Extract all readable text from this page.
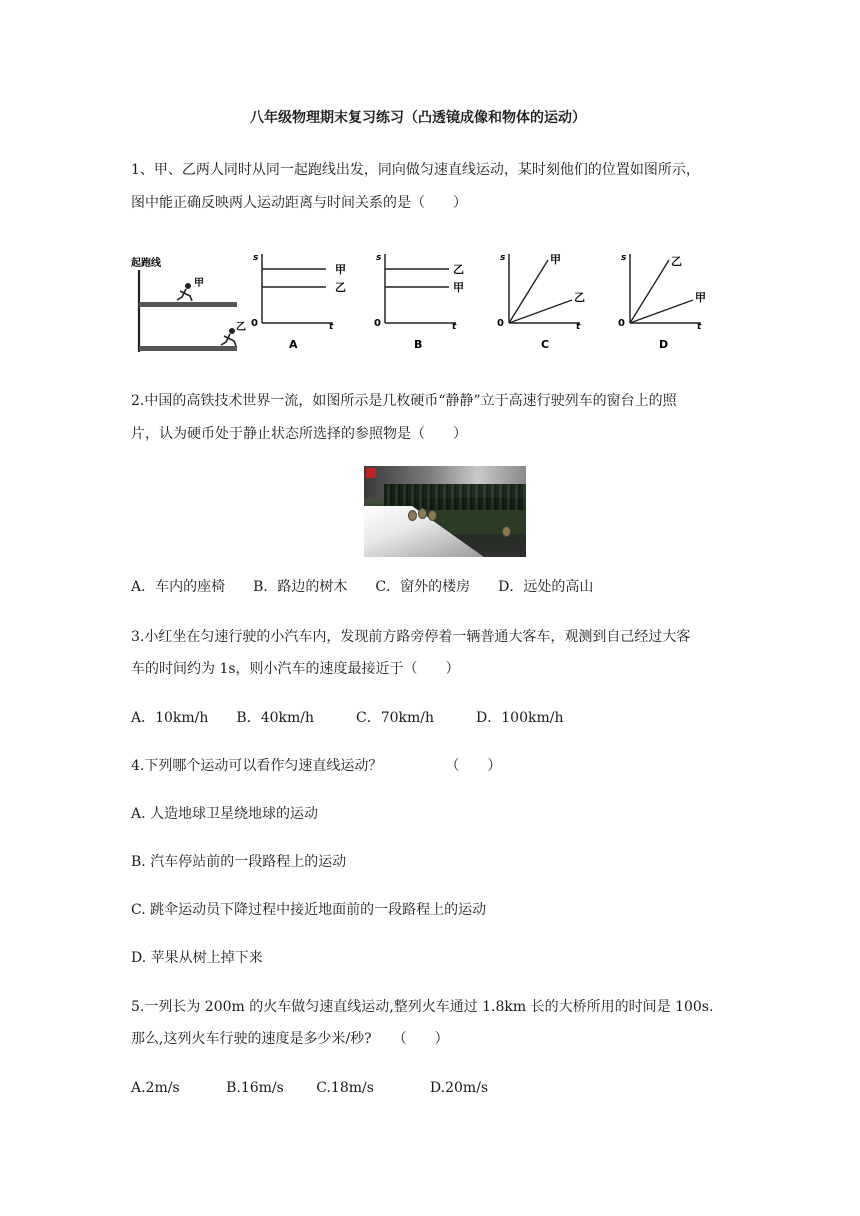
八年级物理期末复习练习（凸透镜成像和物体的运动）
1、甲、乙两人同时从同一起跑线出发，同向做匀速直线运动，某时刻他们的位置如图所示，
图中能正确反映两人运动距离与时间关系的是（　　）
起跑线
甲
乙
s
0	t
甲
乙
A
s
0	t
乙
甲
B
s
0	t
甲
乙
C
s
0	t
乙
甲
D
2.中国的高铁技术世界一流，如图所示是几枚硬币“静静”立于高速行驶列车的窗台上的照
片，认为硬币处于静止状态所选择的参照物是（　　）
A．车内的座椅　　B．路边的树木　　C．窗外的楼房　　D．远处的高山
3.小红坐在匀速行驶的小汽车内，发现前方路旁停着一辆普通大客车，观测到自己经过大客
车的时间约为 1s，则小汽车的速度最接近于（　　）
A．10km/h　　B．40km/h　　　C．70km/h　　　D．100km/h
4.下列哪个运动可以看作匀速直线运动？　　　　　（　　）
A. 人造地球卫星绕地球的运动
B. 汽车停站前的一段路程上的运动
C. 跳伞运动员下降过程中接近地面前的一段路程上的运动
D. 苹果从树上掉下来
5.一列长为 200m 的火车做匀速直线运动,整列火车通过 1.8km 长的大桥所用的时间是 100s.
那么,这列火车行驶的速度是多少米/秒?　　（　　）
A.2m/s　　　 B.16m/s　　 C.18m/s　　　　D.20m/s
